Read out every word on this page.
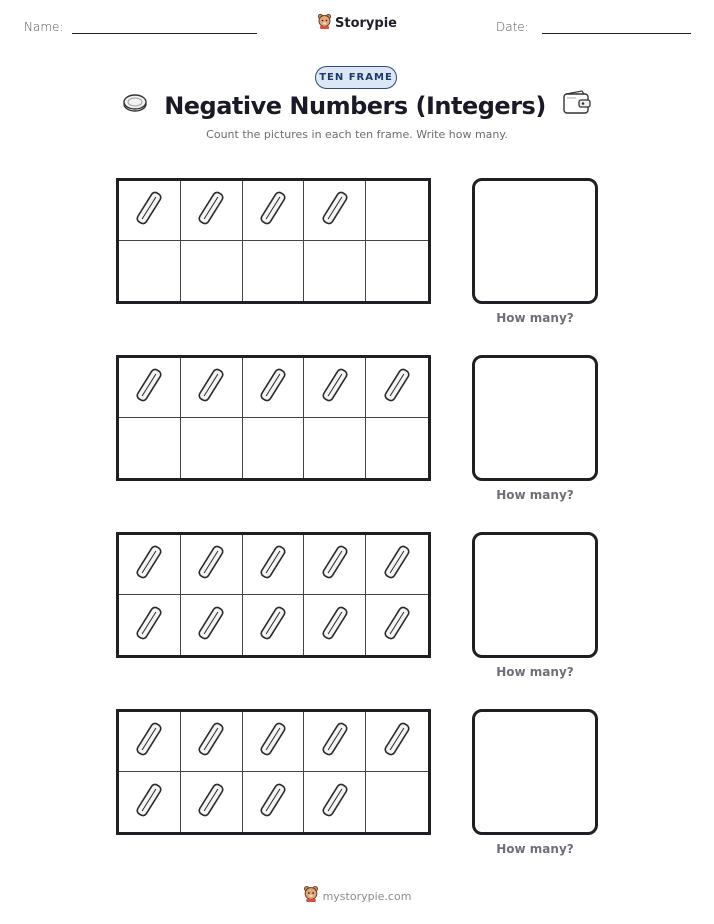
Name:	Storypie	Date:
TEN FRAME
Negative Numbers (Integers)
Count the pictures in each ten frame. Write how many.
How many?
How many?
How many?
How many?
mystorypie.com
